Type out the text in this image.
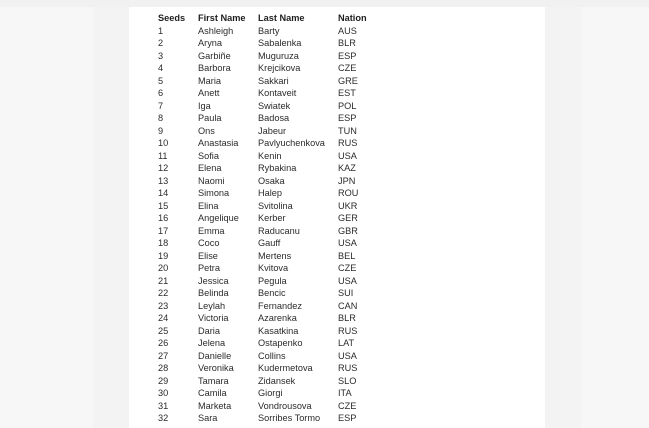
Seeds	First Name	Last Name	Nation
1	Ashleigh	Barty	AUS
2	Aryna	Sabalenka	BLR
3	Garbiñe	Muguruza	ESP
4	Barbora	Krejcikova	CZE
5	Maria	Sakkari	GRE
6	Anett	Kontaveit	EST
7	Iga	Swiatek	POL
8	Paula	Badosa	ESP
9	Ons	Jabeur	TUN
10	Anastasia	Pavlyuchenkova	RUS
11	Sofia	Kenin	USA
12	Elena	Rybakina	KAZ
13	Naomi	Osaka	JPN
14	Simona	Halep	ROU
15	Elina	Svitolina	UKR
16	Angelique	Kerber	GER
17	Emma	Raducanu	GBR
18	Coco	Gauff	USA
19	Elise	Mertens	BEL
20	Petra	Kvitova	CZE
21	Jessica	Pegula	USA
22	Belinda	Bencic	SUI
23	Leylah	Fernandez	CAN
24	Victoria	Azarenka	BLR
25	Daria	Kasatkina	RUS
26	Jelena	Ostapenko	LAT
27	Danielle	Collins	USA
28	Veronika	Kudermetova	RUS
29	Tamara	Zidansek	SLO
30	Camila	Giorgi	ITA
31	Marketa	Vondrousova	CZE
32	Sara	Sorribes Tormo	ESP
